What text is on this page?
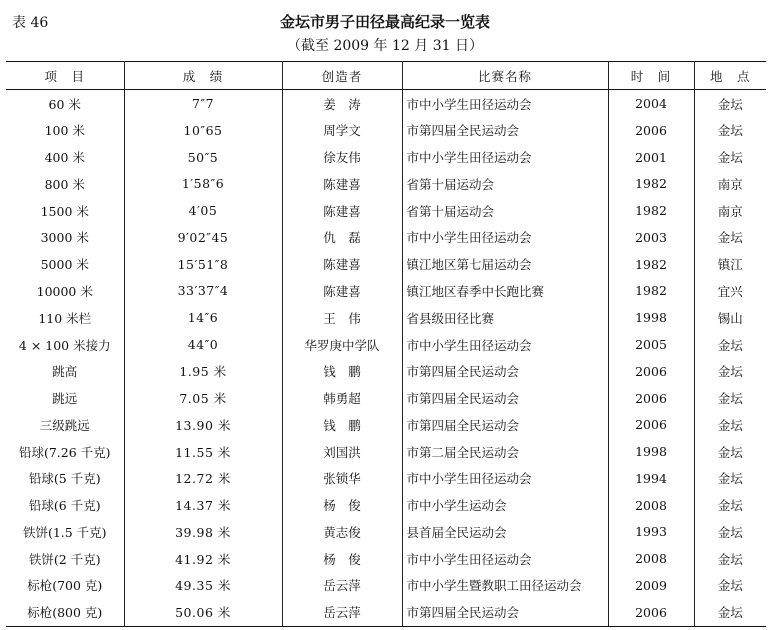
表 46	金坛市男子田径最高纪录一览表
（截至 2009 年 12 月 31 日）
项　目	成　绩	创造者	比赛名称	时　间	地　点
60 米	7″7	姜　涛	市中小学生田径运动会	2004	金坛
100 米	10″65	周学文	市第四届全民运动会	2006	金坛
400 米	50″5	徐友伟	市中小学生田径运动会	2001	金坛
800 米	1′58″6	陈建喜	省第十届运动会	1982	南京
1500 米	4′05	陈建喜	省第十届运动会	1982	南京
3000 米	9′02″45	仇　磊	市中小学生田径运动会	2003	金坛
5000 米	15′51″8	陈建喜	镇江地区第七届运动会	1982	镇江
10000 米	33′37″4	陈建喜	镇江地区春季中长跑比赛	1982	宜兴
110 米栏	14″6	王　伟	省县级田径比赛	1998	锡山
4 × 100 米接力	44″0	华罗庚中学队	市中小学生田径运动会	2005	金坛
跳高	1.95 米	钱　鹏	市第四届全民运动会	2006	金坛
跳远	7.05 米	韩勇超	市第四届全民运动会	2006	金坛
三级跳远	13.90 米	钱　鹏	市第四届全民运动会	2006	金坛
铅球(7.26 千克)	11.55 米	刘国洪	市第二届全民运动会	1998	金坛
铅球(5 千克)	12.72 米	张锁华	市中小学生田径运动会	1994	金坛
铅球(6 千克)	14.37 米	杨　俊	市中小学生运动会	2008	金坛
铁饼(1.5 千克)	39.98 米	黄志俊	县首届全民运动会	1993	金坛
铁饼(2 千克)	41.92 米	杨　俊	市中小学生田径运动会	2008	金坛
标枪(700 克)	49.35 米	岳云萍	市中小学生暨教职工田径运动会	2009	金坛
标枪(800 克)	50.06 米	岳云萍	市第四届全民运动会	2006	金坛
